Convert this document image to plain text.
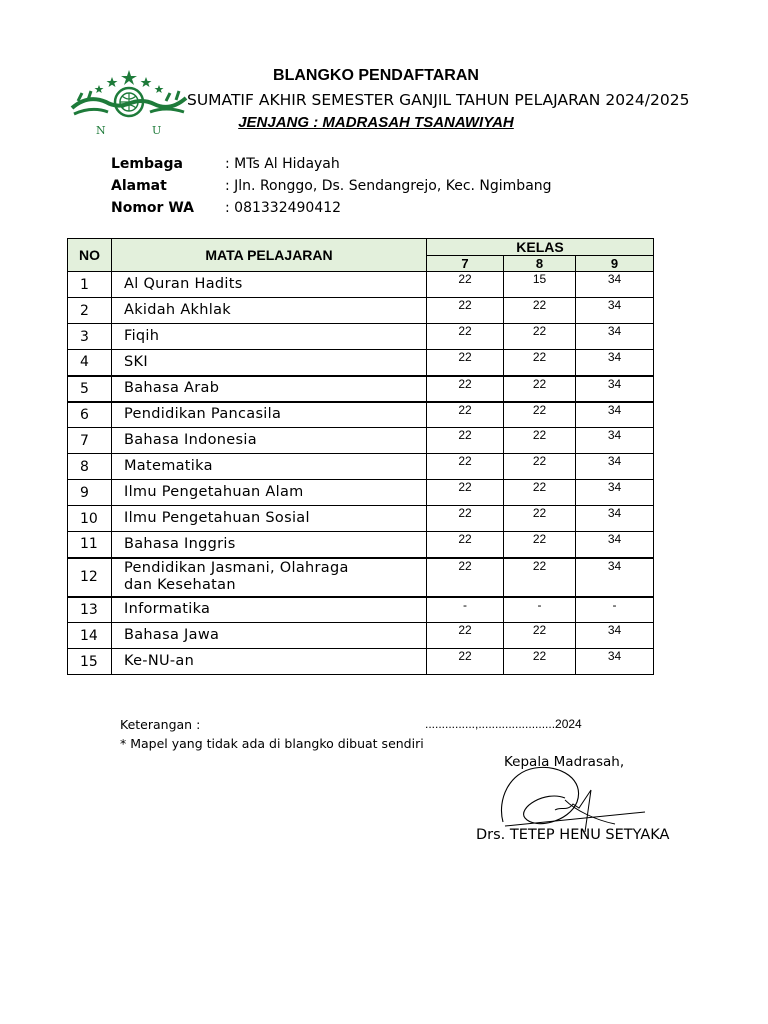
N	U
BLANGKO PENDAFTARAN
SUMATIF AKHIR SEMESTER GANJIL TAHUN PELAJARAN 2024/2025
JENJANG : MADRASAH TSANAWIYAH
Lembaga	: MTs Al Hidayah
Alamat	: Jln. Ronggo, Ds. Sendangrejo, Kec. Ngimbang
Nomor WA : 081332490412
NO	MATA PELAJARAN	KELAS		
		7	8	9
1	Al Quran Hadits	22	15	34
2	Akidah Akhlak	22	22	34
3	Fiqih	22	22	34
4	SKI	22	22	34
5	Bahasa Arab	22	22	34
6	Pendidikan Pancasila	22	22	34
7	Bahasa Indonesia	22	22	34
8	Matematika	22	22	34
9	Ilmu Pengetahuan Alam	22	22	34
10	Ilmu Pengetahuan Sosial	22	22	34
11	Bahasa Inggris	22	22	34
12	Pendidikan Jasmani, Olahraga
dan Kesehatan	22	22	34
13	Informatika	-	-	-
14	Bahasa Jawa	22	22	34
15	Ke-NU-an	22	22	34
Keterangan :
* Mapel yang tidak ada di blangko dibuat sendiri
...............,.......................2024
Kepala Madrasah,
Drs. TETEP HENU SETYAKA
